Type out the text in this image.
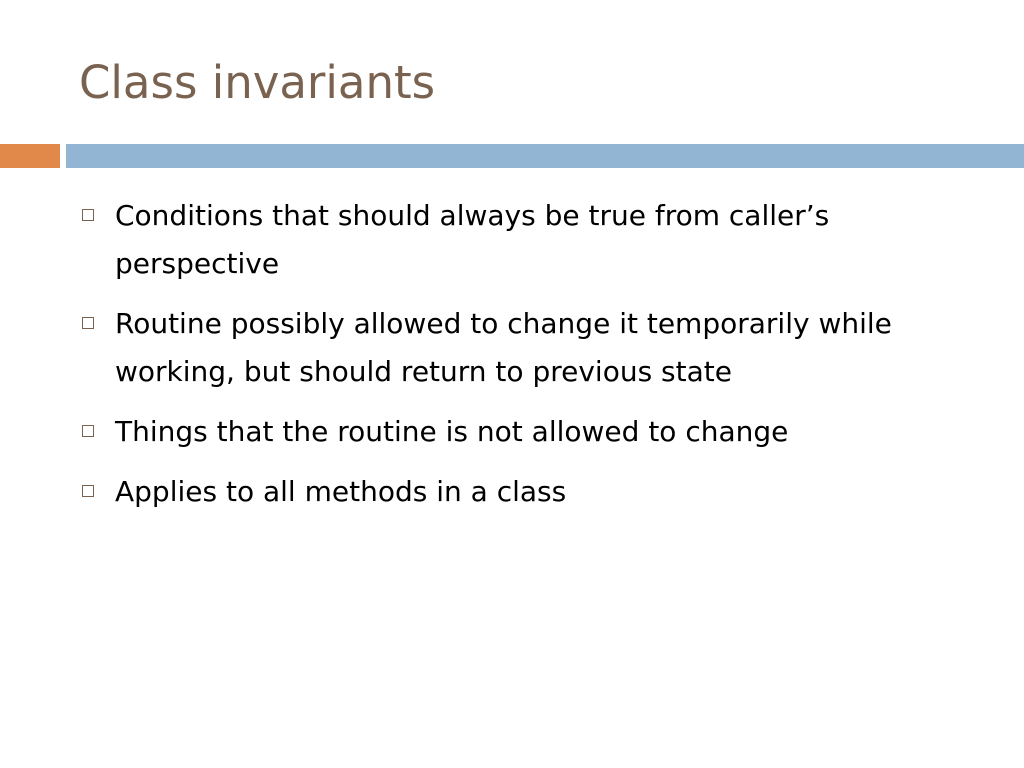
Class invariants
Conditions that should always be true from caller’s perspective
Routine possibly allowed to change it temporarily while working, but should return to previous state
Things that the routine is not allowed to change
Applies to all methods in a class
